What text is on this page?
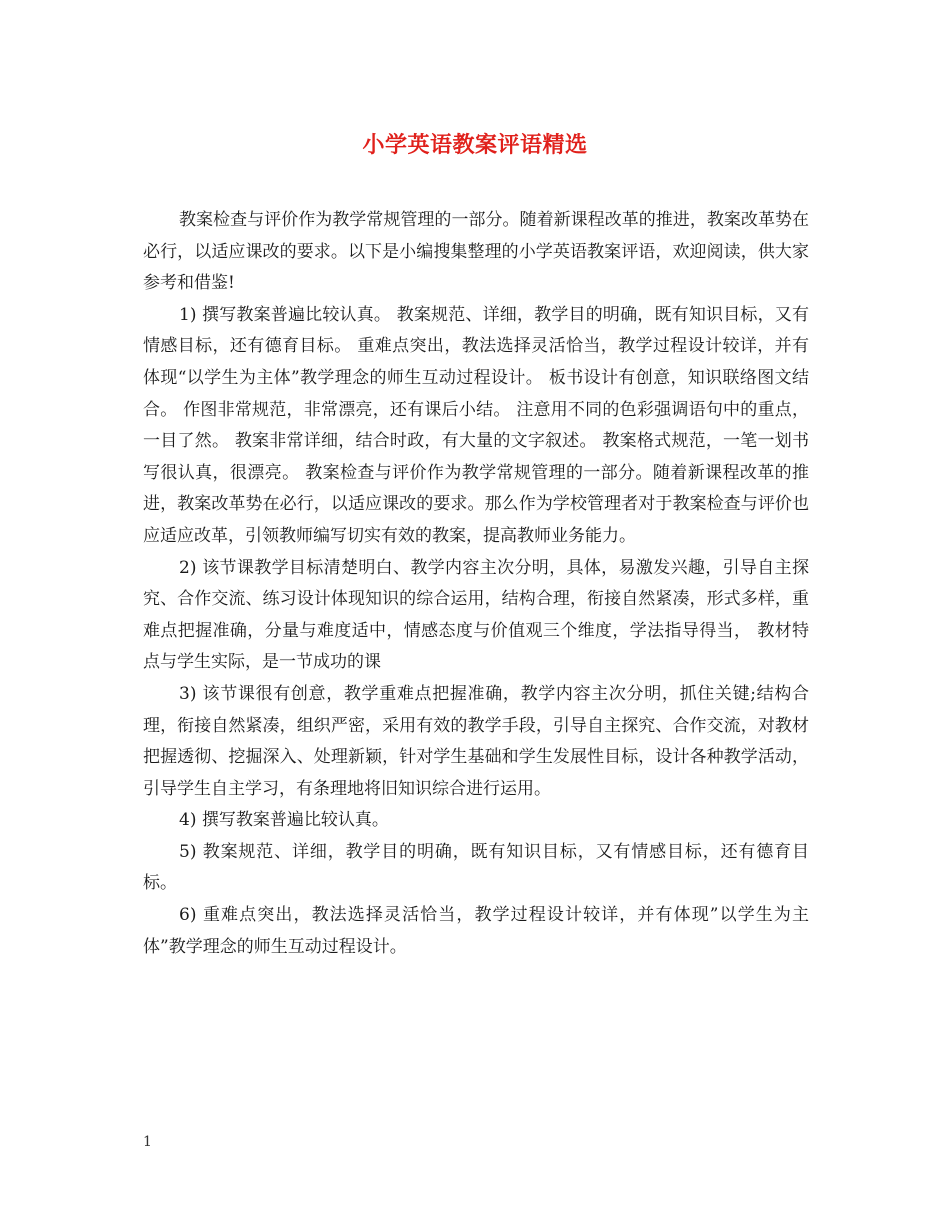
小学英语教案评语精选

教案检查与评价作为教学常规管理的一部分。随着新课程改革的推进，教案改革势在必行，以适应课改的要求。以下是小编搜集整理的小学英语教案评语，欢迎阅读，供大家参考和借鉴!

1) 撰写教案普遍比较认真。 教案规范、详细，教学目的明确，既有知识目标，又有情感目标，还有德育目标。 重难点突出，教法选择灵活恰当，教学过程设计较详，并有体现“以学生为主体”教学理念的师生互动过程设计。 板书设计有创意，知识联络图文结合。 作图非常规范，非常漂亮，还有课后小结。 注意用不同的色彩强调语句中的重点，一目了然。 教案非常详细，结合时政，有大量的文字叙述。 教案格式规范，一笔一划书写很认真，很漂亮。 教案检查与评价作为教学常规管理的一部分。随着新课程改革的推进，教案改革势在必行，以适应课改的要求。那么作为学校管理者对于教案检查与评价也应适应改革，引领教师编写切实有效的教案，提高教师业务能力。

2) 该节课教学目标清楚明白、教学内容主次分明，具体，易激发兴趣，引导自主探究、合作交流、练习设计体现知识的综合运用，结构合理，衔接自然紧凑，形式多样，重难点把握准确，分量与难度适中，情感态度与价值观三个维度，学法指导得当， 教材特点与学生实际，是一节成功的课

3) 该节课很有创意，教学重难点把握准确，教学内容主次分明，抓住关键;结构合理，衔接自然紧凑，组织严密，采用有效的教学手段，引导自主探究、合作交流，对教材把握透彻、挖掘深入、处理新颖，针对学生基础和学生发展性目标，设计各种教学活动，引导学生自主学习，有条理地将旧知识综合进行运用。

4) 撰写教案普遍比较认真。

5) 教案规范、详细，教学目的明确，既有知识目标，又有情感目标，还有德育目标。

6) 重难点突出，教法选择灵活恰当，教学过程设计较详，并有体现”以学生为主体”教学理念的师生互动过程设计。

1
